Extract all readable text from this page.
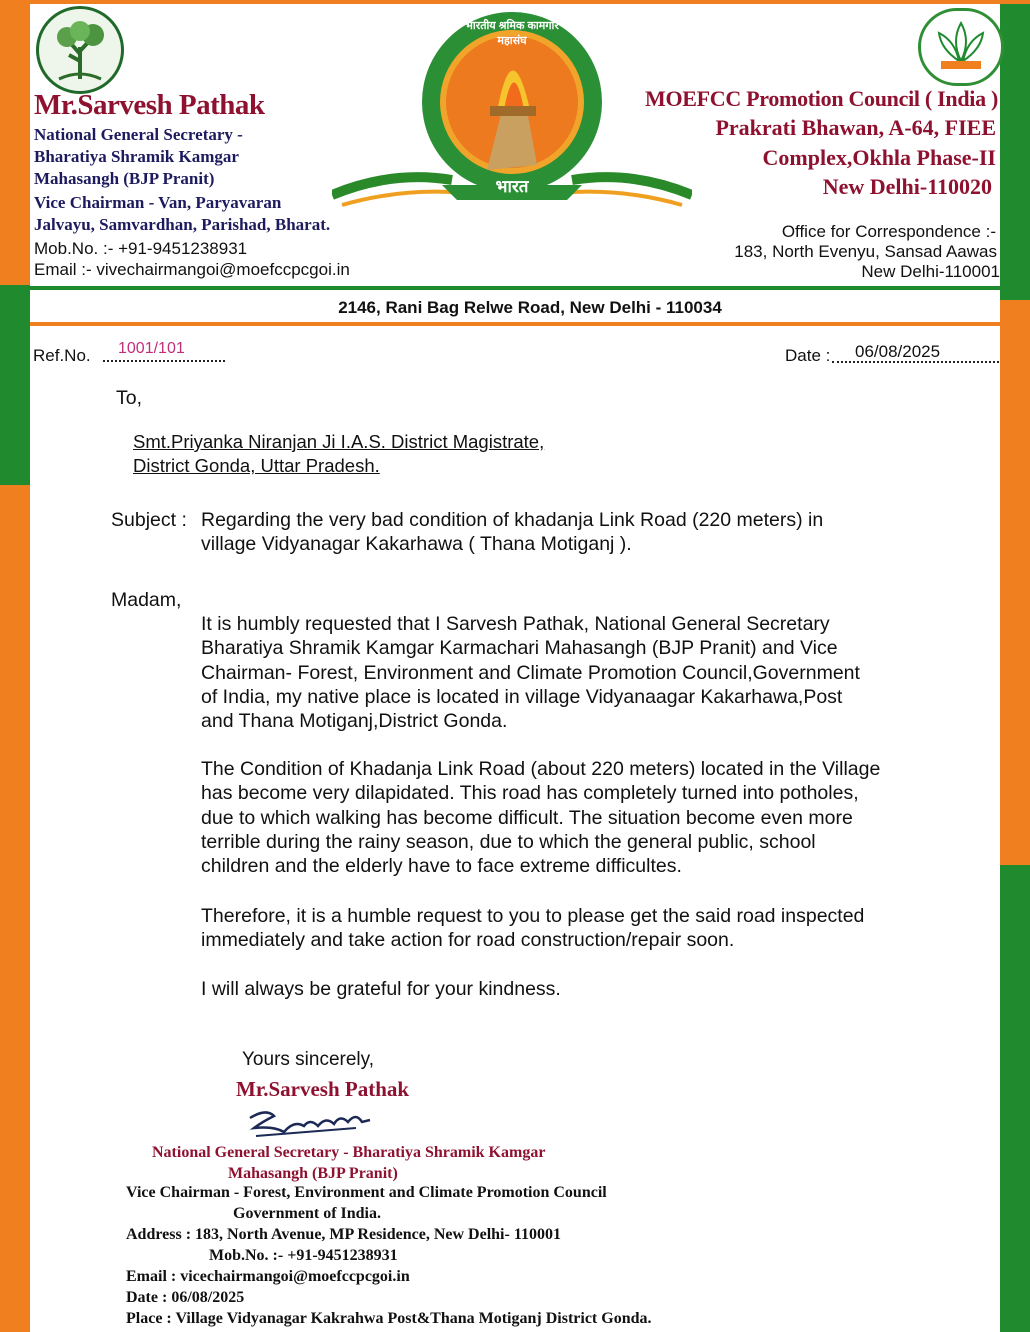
Mr.Sarvesh Pathak
National General Secretary -
Bharatiya Shramik Kamgar
Mahasangh (BJP Pranit)
Vice Chairman - Van, Paryavaran
Jalvayu, Samvardhan, Parishad, Bharat.
Mob.No. :- +91-9451238931
Email :- vivechairmangoi@moefccpcgoi.in
भारतीय श्रमिक कामगार महासंघ
भारत
MOEFCC Promotion Council ( India )
Prakrati Bhawan, A-64, FIEE
Complex,Okhla Phase-II
New Delhi-110020
Office for Correspondence :-
183, North Evenyu, Sansad Aawas
New Delhi-110001
2146, Rani Bag Relwe Road, New Delhi - 110034
Ref.No. 1001/101	Date : 06/08/2025
To,
Smt.Priyanka Niranjan Ji I.A.S. District Magistrate,
District Gonda, Uttar Pradesh.
Subject : Regarding the very bad condition of khadanja Link Road (220 meters) in
village Vidyanagar Kakarhawa ( Thana Motiganj ).
Madam,
It is humbly requested that I Sarvesh Pathak, National General Secretary
Bharatiya Shramik Kamgar Karmachari Mahasangh (BJP Pranit) and Vice
Chairman- Forest, Environment and Climate Promotion Council,Government
of India, my native place is located in village Vidyanaagar Kakarhawa,Post
and Thana Motiganj,District Gonda.
The Condition of Khadanja Link Road (about 220 meters) located in the Village
has become very dilapidated. This road has completely turned into potholes,
due to which walking has become difficult. The situation become even more
terrible during the rainy season, due to which the general public, school
children and the elderly have to face extreme difficultes.
Therefore, it is a humble request to you to please get the said road inspected
immediately and take action for road construction/repair soon.
I will always be grateful for your kindness.
Yours sincerely,
Mr.Sarvesh Pathak
National General Secretary - Bharatiya Shramik Kamgar
Mahasangh (BJP Pranit)
Vice Chairman - Forest, Environment and Climate Promotion Council
Government of India.
Address : 183, North Avenue, MP Residence, New Delhi- 110001
Mob.No. :- +91-9451238931
Email : vicechairmangoi@moefccpcgoi.in
Date : 06/08/2025
Place : Village Vidyanagar Kakrahwa Post&Thana Motiganj District Gonda.
